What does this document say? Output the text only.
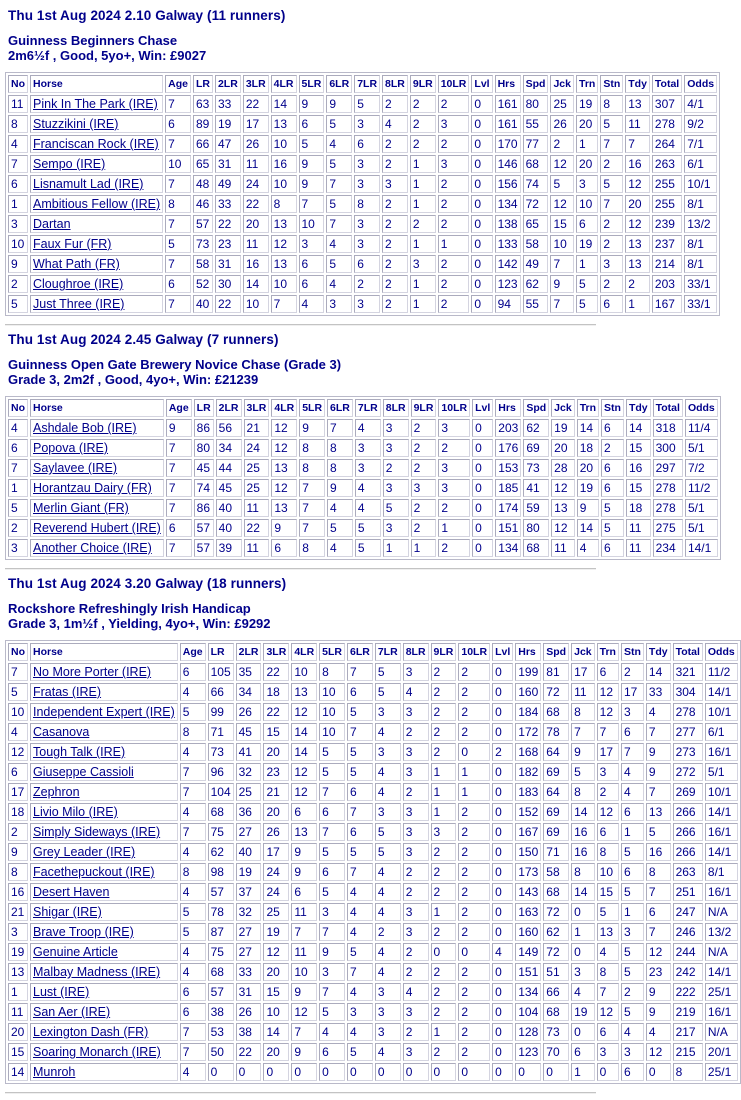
Thu 1st Aug 2024 2.10 Galway (11 runners)
Guinness Beginners Chase
2m6½f , Good, 5yo+, Win: £9027
No	Horse	Age	LR	2LR	3LR	4LR	5LR	6LR	7LR	8LR	9LR	10LR	Lvl	Hrs	Spd	Jck	Trn	Stn	Tdy	Total	Odds
11	Pink In The Park (IRE)	7	63	33	22	14	9	9	5	2	2	2	0	161	80	25	19	8	13	307	4/1
8	Stuzzikini (IRE)	6	89	19	17	13	6	5	3	4	2	3	0	161	55	26	20	5	11	278	9/2
4	Franciscan Rock (IRE)	7	66	47	26	10	5	4	6	2	2	2	0	170	77	2	1	7	7	264	7/1
7	Sempo (IRE)	10	65	31	11	16	9	5	3	2	1	3	0	146	68	12	20	2	16	263	6/1
6	Lisnamult Lad (IRE)	7	48	49	24	10	9	7	3	3	1	2	0	156	74	5	3	5	12	255	10/1
1	Ambitious Fellow (IRE)	8	46	33	22	8	7	5	8	2	1	2	0	134	72	12	10	7	20	255	8/1
3	Dartan	7	57	22	20	13	10	7	3	2	2	2	0	138	65	15	6	2	12	239	13/2
10	Faux Fur (FR)	5	73	23	11	12	3	4	3	2	1	1	0	133	58	10	19	2	13	237	8/1
9	What Path (FR)	7	58	31	16	13	6	5	6	2	3	2	0	142	49	7	1	3	13	214	8/1
2	Cloughroe (IRE)	6	52	30	14	10	6	4	2	2	1	2	0	123	62	9	5	2	2	203	33/1
5	Just Three (IRE)	7	40	22	10	7	4	3	3	2	1	2	0	94	55	7	5	6	1	167	33/1
Thu 1st Aug 2024 2.45 Galway (7 runners)
Guinness Open Gate Brewery Novice Chase (Grade 3)
Grade 3, 2m2f , Good, 4yo+, Win: £21239
No	Horse	Age	LR	2LR	3LR	4LR	5LR	6LR	7LR	8LR	9LR	10LR	Lvl	Hrs	Spd	Jck	Trn	Stn	Tdy	Total	Odds
4	Ashdale Bob (IRE)	9	86	56	21	12	9	7	4	3	2	3	0	203	62	19	14	6	14	318	11/4
6	Popova (IRE)	7	80	34	24	12	8	8	3	3	2	2	0	176	69	20	18	2	15	300	5/1
7	Saylavee (IRE)	7	45	44	25	13	8	8	3	2	2	3	0	153	73	28	20	6	16	297	7/2
1	Horantzau Dairy (FR)	7	74	45	25	12	7	9	4	3	3	3	0	185	41	12	19	6	15	278	11/2
5	Merlin Giant (FR)	7	86	40	11	13	7	4	4	5	2	2	0	174	59	13	9	5	18	278	5/1
2	Reverend Hubert (IRE)	6	57	40	22	9	7	5	5	3	2	1	0	151	80	12	14	5	11	275	5/1
3	Another Choice (IRE)	7	57	39	11	6	8	4	5	1	1	2	0	134	68	11	4	6	11	234	14/1
Thu 1st Aug 2024 3.20 Galway (18 runners)
Rockshore Refreshingly Irish Handicap
Grade 3, 1m½f , Yielding, 4yo+, Win: £9292
No	Horse	Age	LR	2LR	3LR	4LR	5LR	6LR	7LR	8LR	9LR	10LR	Lvl	Hrs	Spd	Jck	Trn	Stn	Tdy	Total	Odds
7	No More Porter (IRE)	6	105	35	22	10	8	7	5	3	2	2	0	199	81	17	6	2	14	321	11/2
5	Fratas (IRE)	4	66	34	18	13	10	6	5	4	2	2	0	160	72	11	12	17	33	304	14/1
10	Independent Expert (IRE)	5	99	26	22	12	10	5	3	3	2	2	0	184	68	8	12	3	4	278	10/1
4	Casanova	8	71	45	15	14	10	7	4	2	2	2	0	172	78	7	7	6	7	277	6/1
12	Tough Talk (IRE)	4	73	41	20	14	5	5	3	3	2	0	2	168	64	9	17	7	9	273	16/1
6	Giuseppe Cassioli	7	96	32	23	12	5	5	4	3	1	1	0	182	69	5	3	4	9	272	5/1
17	Zephron	7	104	25	21	12	7	6	4	2	1	1	0	183	64	8	2	4	7	269	10/1
18	Livio Milo (IRE)	4	68	36	20	6	6	7	3	3	1	2	0	152	69	14	12	6	13	266	14/1
2	Simply Sideways (IRE)	7	75	27	26	13	7	6	5	3	3	2	0	167	69	16	6	1	5	266	16/1
9	Grey Leader (IRE)	4	62	40	17	9	5	5	5	3	2	2	0	150	71	16	8	5	16	266	14/1
8	Facethepuckout (IRE)	8	98	19	24	9	6	7	4	2	2	2	0	173	58	8	10	6	8	263	8/1
16	Desert Haven	4	57	37	24	6	5	4	4	2	2	2	0	143	68	14	15	5	7	251	16/1
21	Shigar (IRE)	5	78	32	25	11	3	4	4	3	1	2	0	163	72	0	5	1	6	247	N/A
3	Brave Troop (IRE)	5	87	27	19	7	7	4	2	3	2	2	0	160	62	1	13	3	7	246	13/2
19	Genuine Article	4	75	27	12	11	9	5	4	2	0	0	4	149	72	0	4	5	12	244	N/A
13	Malbay Madness (IRE)	4	68	33	20	10	3	7	4	2	2	2	0	151	51	3	8	5	23	242	14/1
1	Lust (IRE)	6	57	31	15	9	7	4	3	4	2	2	0	134	66	4	7	2	9	222	25/1
11	San Aer (IRE)	6	38	26	10	12	5	3	3	3	2	2	0	104	68	19	12	5	9	219	16/1
20	Lexington Dash (FR)	7	53	38	14	7	4	4	3	2	1	2	0	128	73	0	6	4	4	217	N/A
15	Soaring Monarch (IRE)	7	50	22	20	9	6	5	4	3	2	2	0	123	70	6	3	3	12	215	20/1
14	Munroh	4	0	0	0	0	0	0	0	0	0	0	0	0	0	1	0	6	0	8	25/1
